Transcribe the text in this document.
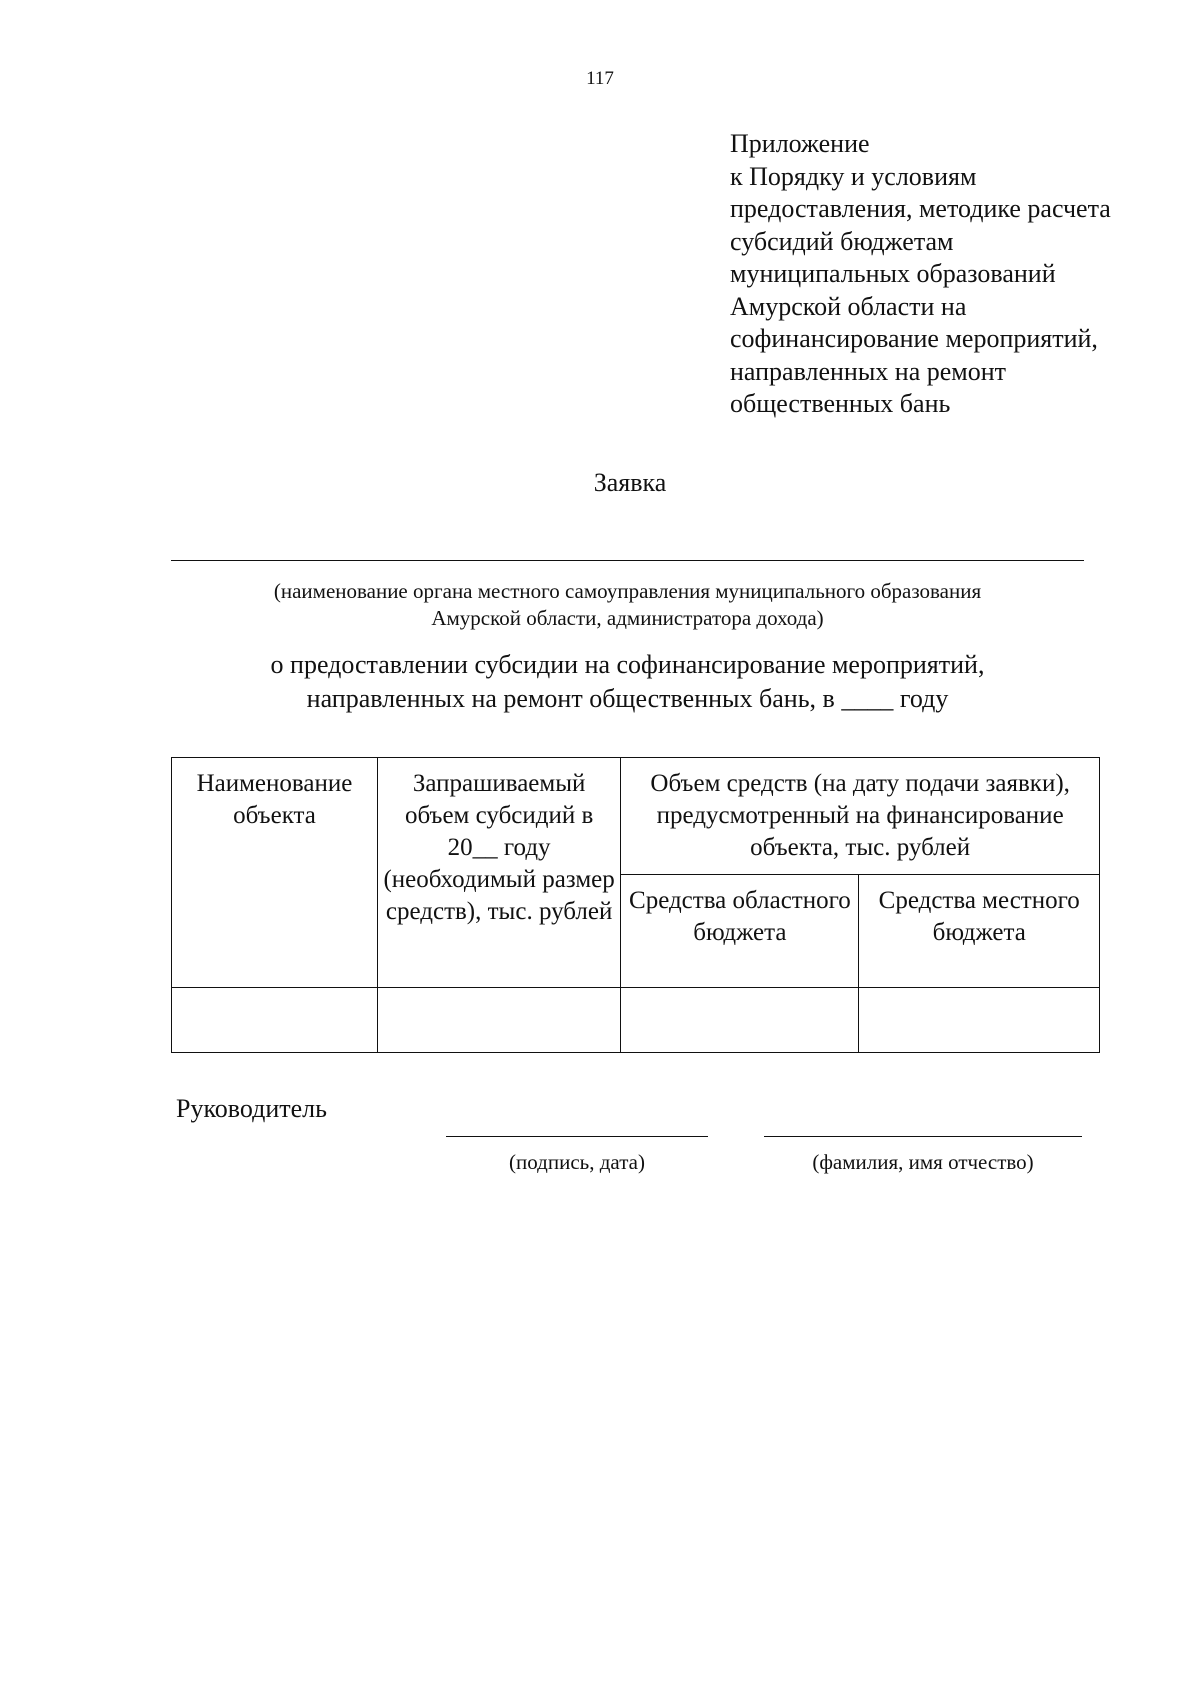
117
Приложение
к Порядку и условиям
предоставления, методике расчета
субсидий бюджетам
муниципальных образований
Амурской области на
софинансирование мероприятий,
направленных на ремонт
общественных бань
Заявка
(наименование органа местного самоуправления муниципального образования
Амурской области, администратора дохода)
о предоставлении субсидии на софинансирование мероприятий,
направленных на ремонт общественных бань, в ____ году
Наименование объекта	Запрашиваемый объем субсидий в 20__ году (необходимый размер средств), тыс. рублей	Объем средств (на дату подачи заявки), предусмотренный на финансирование объекта, тыс. рублей	
		Средства областного бюджета	Средства местного бюджета

Руководитель
(подпись, дата)	(фамилия, имя отчество)
